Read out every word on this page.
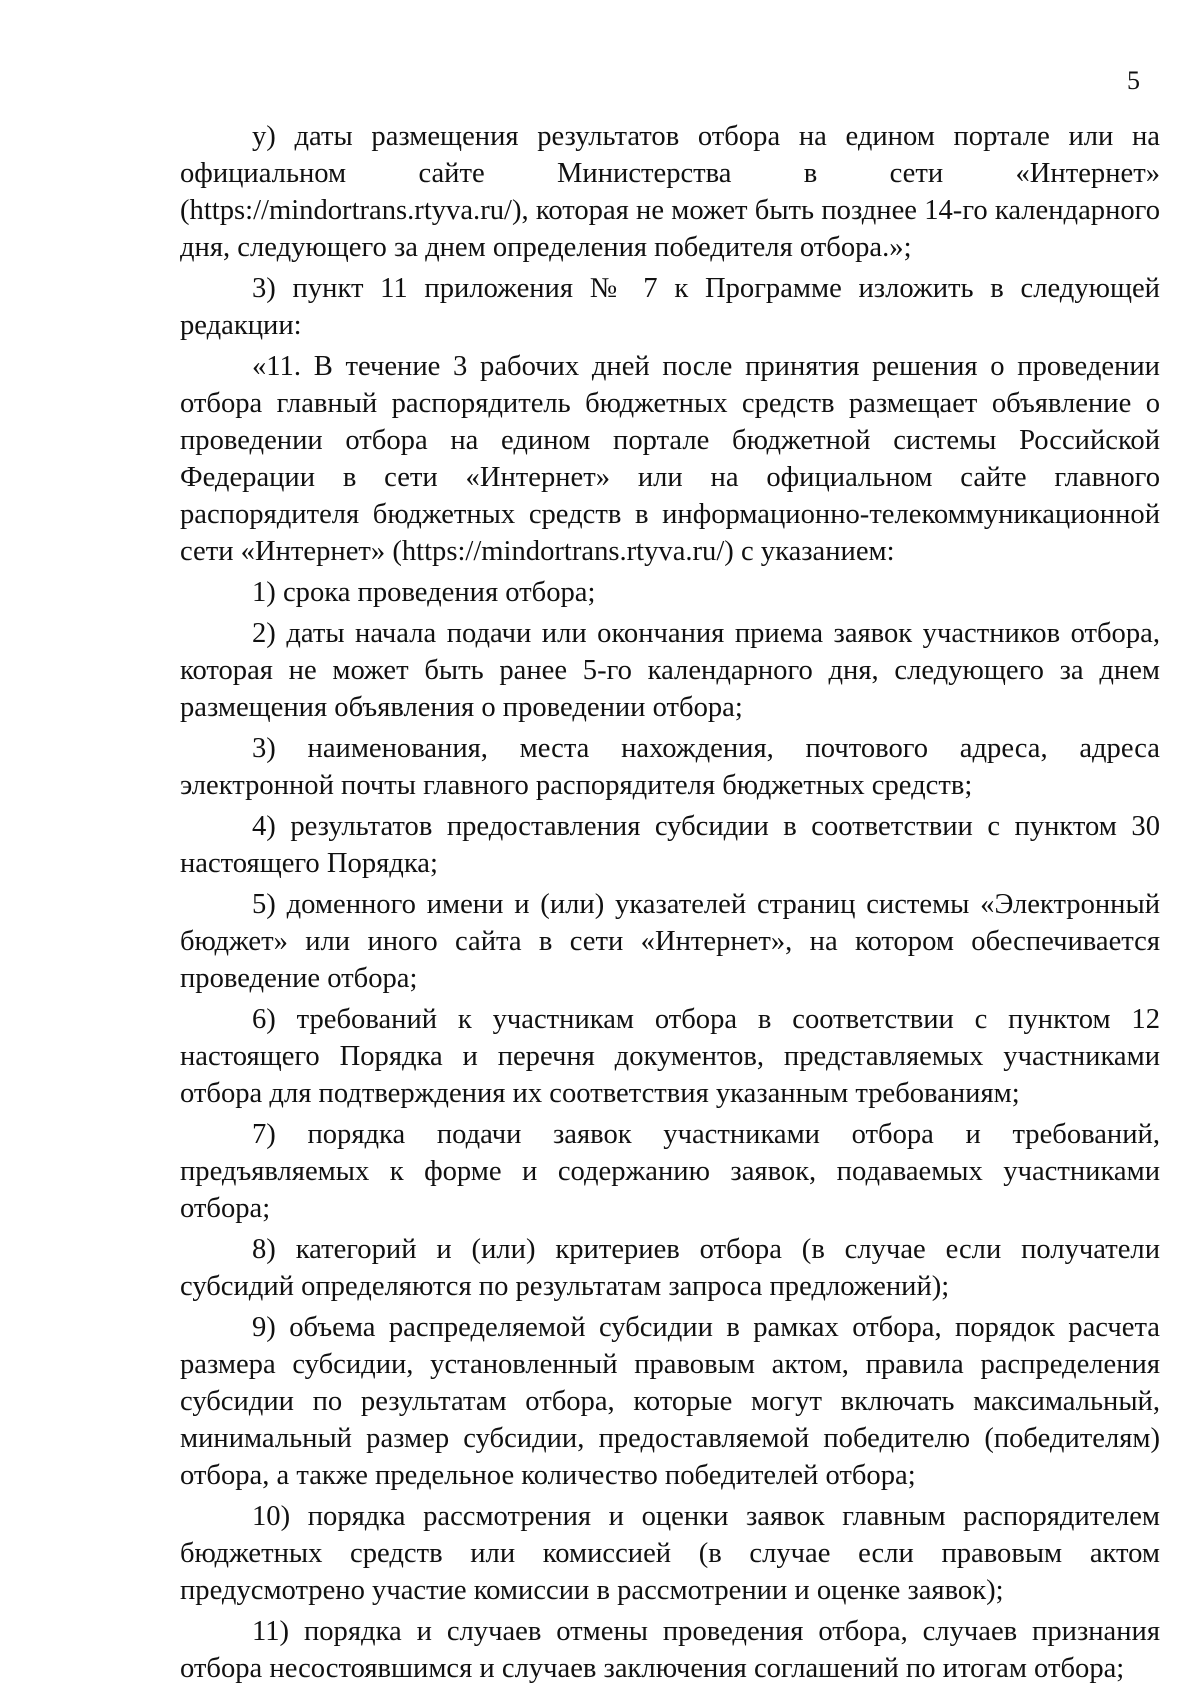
5

у) даты размещения результатов отбора на едином портале или на официальном сайте Министерства в сети «Интернет» (https://mindortrans.rtyva.ru/), которая не может быть позднее 14-го календарного дня, следующего за днем определения победителя отбора.»;

3) пункт 11 приложения № 7 к Программе изложить в следующей редакции:

«11. В течение 3 рабочих дней после принятия решения о проведении отбора главный распорядитель бюджетных средств размещает объявление о проведении отбора на едином портале бюджетной системы Российской Федерации в сети «Интернет» или на официальном сайте главного распорядителя бюджетных средств в информационно-телекоммуникационной сети «Интернет» (https://mindortrans.rtyva.ru/) с указанием:

1) срока проведения отбора;

2) даты начала подачи или окончания приема заявок участников отбора, которая не может быть ранее 5-го календарного дня, следующего за днем размещения объявления о проведении отбора;

3) наименования, места нахождения, почтового адреса, адреса электронной почты главного распорядителя бюджетных средств;

4) результатов предоставления субсидии в соответствии с пунктом 30 настоящего Порядка;

5) доменного имени и (или) указателей страниц системы «Электронный бюджет» или иного сайта в сети «Интернет», на котором обеспечивается проведение отбора;

6) требований к участникам отбора в соответствии с пунктом 12 настоящего Порядка и перечня документов, представляемых участниками отбора для подтверждения их соответствия указанным требованиям;

7) порядка подачи заявок участниками отбора и требований, предъявляемых к форме и содержанию заявок, подаваемых участниками отбора;

8) категорий и (или) критериев отбора (в случае если получатели субсидий определяются по результатам запроса предложений);

9) объема распределяемой субсидии в рамках отбора, порядок расчета размера субсидии, установленный правовым актом, правила распределения субсидии по результатам отбора, которые могут включать максимальный, минимальный размер субсидии, предоставляемой победителю (победителям) отбора, а также предельное количество победителей отбора;

10) порядка рассмотрения и оценки заявок главным распорядителем бюджетных средств или комиссией (в случае если правовым актом предусмотрено участие комиссии в рассмотрении и оценке заявок);

11) порядка и случаев отмены проведения отбора, случаев признания отбора несостоявшимся и случаев заключения соглашений по итогам отбора;
